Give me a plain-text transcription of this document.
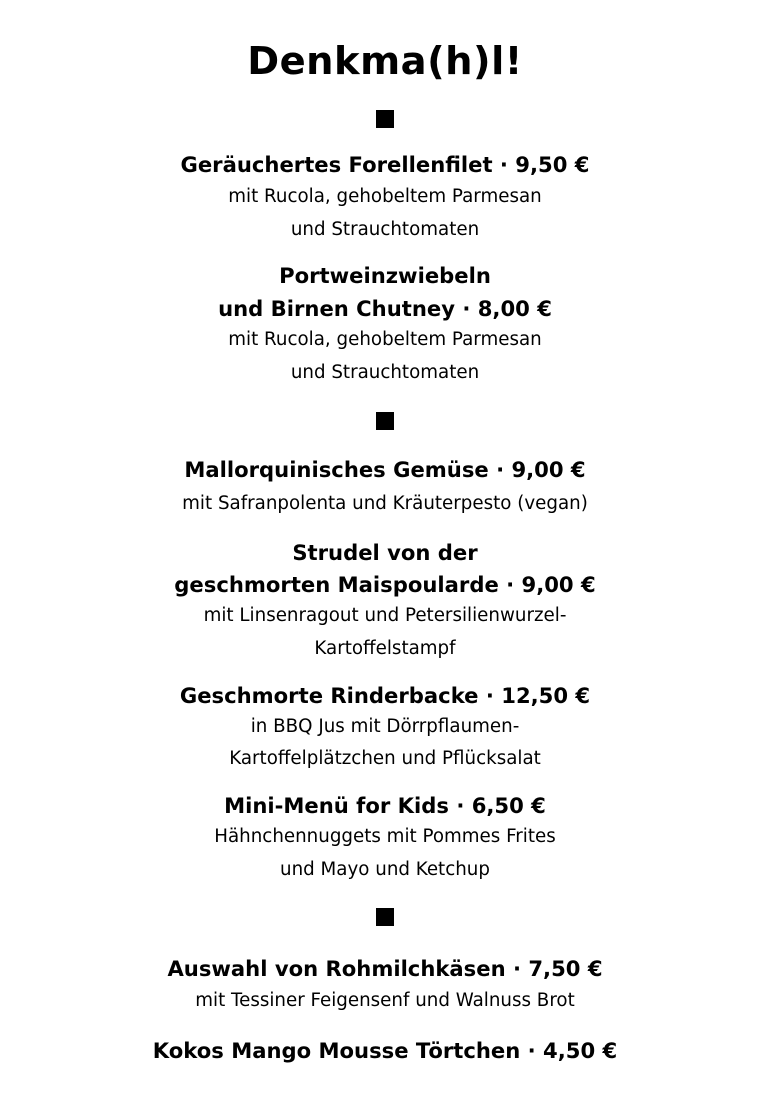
Denkma(h)l!
Geräuchertes Forellenfilet · 9,50 €
mit Rucola, gehobeltem Parmesan
und Strauchtomaten
Portweinzwiebeln
und Birnen Chutney · 8,00 €
mit Rucola, gehobeltem Parmesan
und Strauchtomaten
Mallorquinisches Gemüse · 9,00 €
mit Safranpolenta und Kräuterpesto (vegan)
Strudel von der
geschmorten Maispoularde · 9,00 €
mit Linsenragout und Petersilienwurzel-
Kartoffelstampf
Geschmorte Rinderbacke · 12,50 €
in BBQ Jus mit Dörrpflaumen-
Kartoffelplätzchen und Pflücksalat
Mini-Menü for Kids · 6,50 €
Hähnchennuggets mit Pommes Frites
und Mayo und Ketchup
Auswahl von Rohmilchkäsen · 7,50 €
mit Tessiner Feigensenf und Walnuss Brot
Kokos Mango Mousse Törtchen · 4,50 €
